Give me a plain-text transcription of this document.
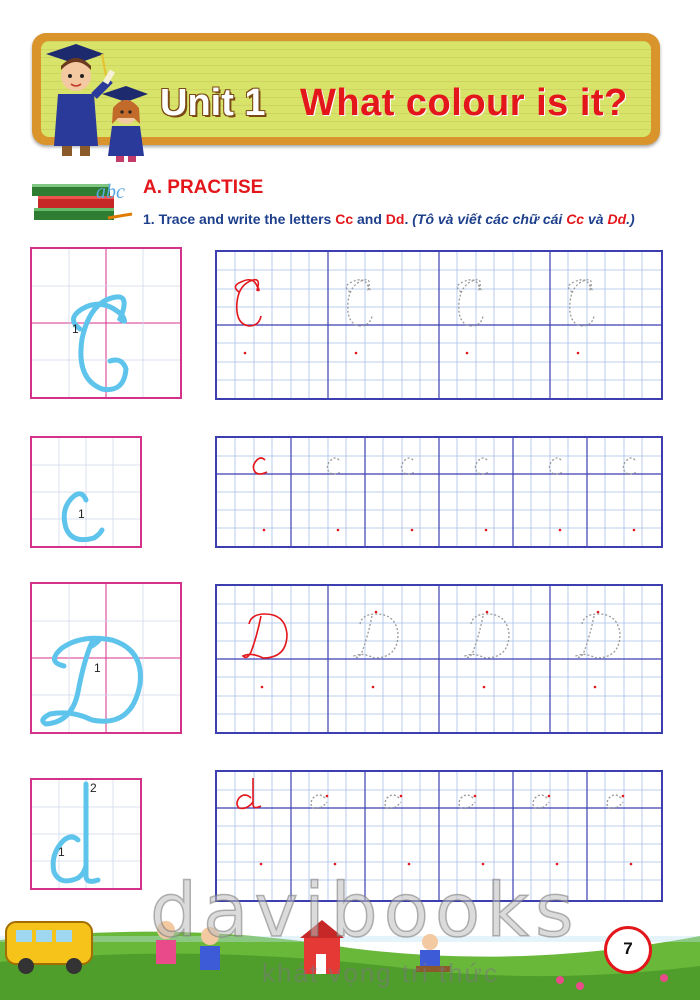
Unit 1 What colour is it?
abc A. PRACTISE
1. Trace and write the letters Cc and Dd. (Tô và viết các chữ cái Cc và Dd.)
1
1
1
1
2
davibooks
khát vọng tri thức
7
